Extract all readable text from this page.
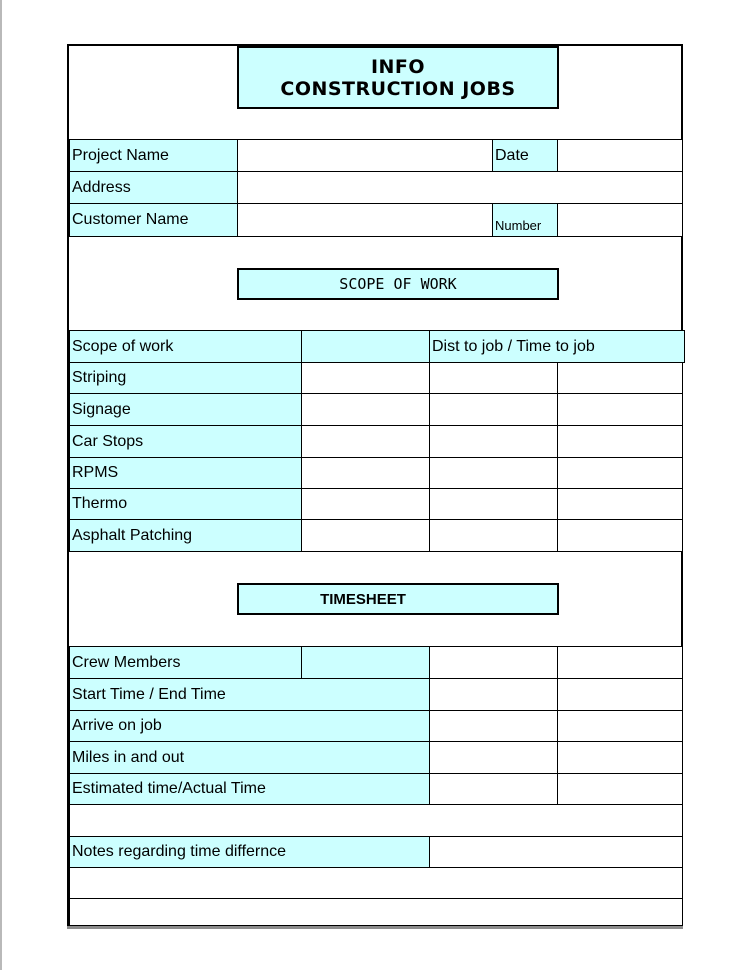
INFO
CONSTRUCTION JOBS
Project Name	Date
Address
Customer Name	Number
SCOPE OF WORK
Scope of work	Dist to job / Time to job
Striping
Signage
Car Stops
RPMS
Thermo
Asphalt Patching
TIMESHEET
Crew Members
Start Time / End Time
Arrive on job
Miles in and out
Estimated time/Actual Time
Notes regarding time differnce
